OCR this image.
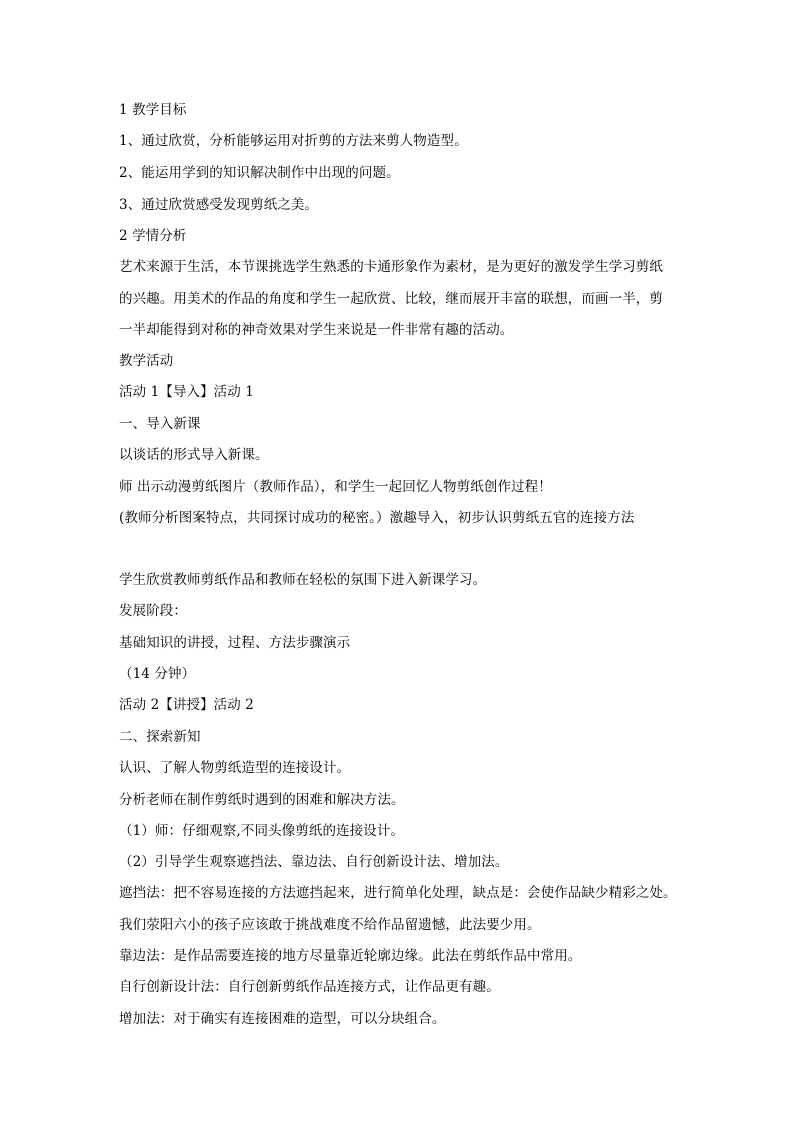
1 教学目标
1、通过欣赏，分析能够运用对折剪的方法来剪人物造型。
2、能运用学到的知识解决制作中出现的问题。
3、通过欣赏感受发现剪纸之美。
2 学情分析
艺术来源于生活，本节课挑选学生熟悉的卡通形象作为素材，是为更好的激发学生学习剪纸
的兴趣。用美术的作品的角度和学生一起欣赏、比较，继而展开丰富的联想，而画一半，剪
一半却能得到对称的神奇效果对学生来说是一件非常有趣的活动。
教学活动
活动 1【导入】活动 1
一、导入新课
以谈话的形式导入新课。
师 出示动漫剪纸图片（教师作品），和学生一起回忆人物剪纸创作过程！
(教师分析图案特点，共同探讨成功的秘密。）激趣导入，初步认识剪纸五官的连接方法
学生欣赏教师剪纸作品和教师在轻松的氛围下进入新课学习。
发展阶段：
基础知识的讲授，过程、方法步骤演示
（14 分钟）
活动 2【讲授】活动 2
二、探索新知
认识、了解人物剪纸造型的连接设计。
分析老师在制作剪纸时遇到的困难和解决方法。
（1）师：仔细观察,不同头像剪纸的连接设计。
（2）引导学生观察遮挡法、靠边法、自行创新设计法、增加法。
遮挡法：把不容易连接的方法遮挡起来，进行简单化处理，缺点是：会使作品缺少精彩之处。
我们荥阳六小的孩子应该敢于挑战难度不给作品留遗憾，此法要少用。
靠边法：是作品需要连接的地方尽量靠近轮廓边缘。此法在剪纸作品中常用。
自行创新设计法：自行创新剪纸作品连接方式，让作品更有趣。
增加法：对于确实有连接困难的造型，可以分块组合。
